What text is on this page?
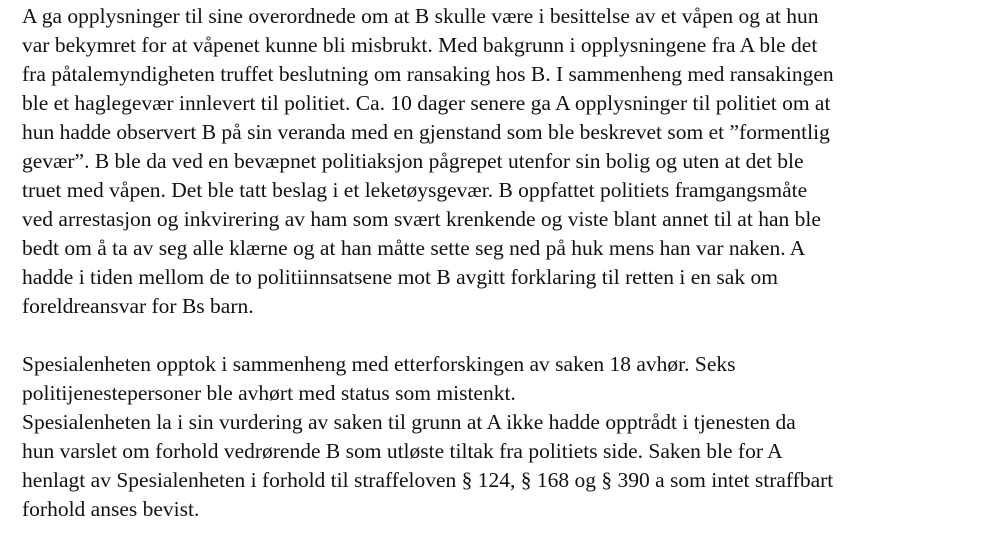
A ga opplysninger til sine overordnede om at B skulle være i besittelse av et våpen og at hun
var bekymret for at våpenet kunne bli misbrukt. Med bakgrunn i opplysningene fra A ble det
fra påtalemyndigheten truffet beslutning om ransaking hos B. I sammenheng med ransakingen
ble et haglegevær innlevert til politiet. Ca. 10 dager senere ga A opplysninger til politiet om at
hun hadde observert B på sin veranda med en gjenstand som ble beskrevet som et ”formentlig
gevær”. B ble da ved en bevæpnet politiaksjon pågrepet utenfor sin bolig og uten at det ble
truet med våpen. Det ble tatt beslag i et leketøysgevær. B oppfattet politiets framgangsmåte
ved arrestasjon og inkvirering av ham som svært krenkende og viste blant annet til at han ble
bedt om å ta av seg alle klærne og at han måtte sette seg ned på huk mens han var naken. A
hadde i tiden mellom de to politiinnsatsene mot B avgitt forklaring til retten i en sak om
foreldreansvar for Bs barn.
Spesialenheten opptok i sammenheng med etterforskingen av saken 18 avhør. Seks
politijenestepersoner ble avhørt med status som mistenkt.
Spesialenheten la i sin vurdering av saken til grunn at A ikke hadde opptrådt i tjenesten da
hun varslet om forhold vedrørende B som utløste tiltak fra politiets side. Saken ble for A
henlagt av Spesialenheten i forhold til straffeloven § 124, § 168 og § 390 a som intet straffbart
forhold anses bevist.
